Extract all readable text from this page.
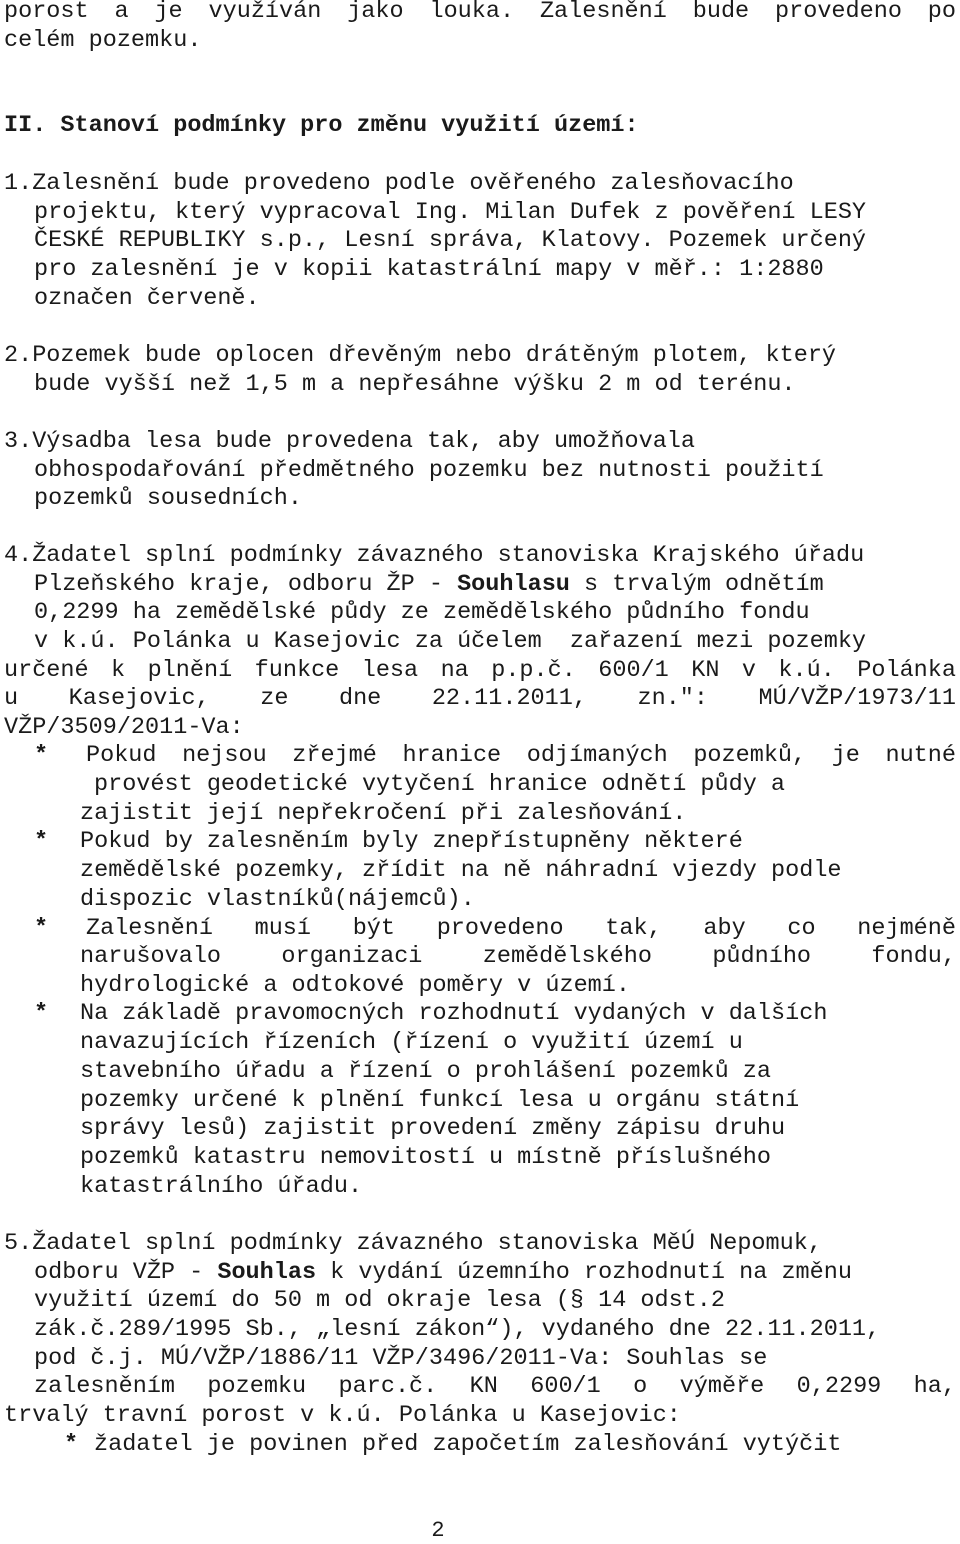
porost a je využíván jako louka. Zalesnění bude provedeno po
celém pozemku.
II. Stanoví podmínky pro změnu využití území:
1.Zalesnění bude provedeno podle ověřeného zalesňovacího
projektu, který vypracoval Ing. Milan Dufek z pověření LESY
ČESKÉ REPUBLIKY s.p., Lesní správa, Klatovy. Pozemek určený
pro zalesnění je v kopii katastrální mapy v měř.: 1:2880
označen červeně.
2.Pozemek bude oplocen dřevěným nebo drátěným plotem, který
bude vyšší než 1,5 m a nepřesáhne výšku 2 m od terénu.
3.Výsadba lesa bude provedena tak, aby umožňovala
obhospodařování předmětného pozemku bez nutnosti použití
pozemků sousedních.
4.Žadatel splní podmínky závazného stanoviska Krajského úřadu
Plzeňského kraje, odboru ŽP - Souhlasu s trvalým odnětím
0,2299 ha zemědělské půdy ze zemědělského půdního fondu
v k.ú. Polánka u Kasejovic za účelem  zařazení mezi pozemky
určené k plnění funkce lesa na p.p.č. 600/1 KN v k.ú. Polánka
u Kasejovic, ze dne 22.11.2011, zn.": MÚ/VŽP/1973/11
VŽP/3509/2011-Va:
* Pokud nejsou zřejmé hranice odjímaných pozemků, je nutné
provést geodetické vytyčení hranice odnětí půdy a
zajistit její nepřekročení při zalesňování.
* Pokud by zalesněním byly znepřístupněny některé
zemědělské pozemky, zřídit na ně náhradní vjezdy podle
dispozic vlastníků(nájemců).
* Zalesnění musí být provedeno tak, aby co nejméně
narušovalo organizaci zemědělského půdního fondu,
hydrologické a odtokové poměry v území.
* Na základě pravomocných rozhodnutí vydaných v dalších
navazujících řízeních (řízení o využití území u
stavebního úřadu a řízení o prohlášení pozemků za
pozemky určené k plnění funkcí lesa u orgánu státní
správy lesů) zajistit provedení změny zápisu druhu
pozemků katastru nemovitostí u místně příslušného
katastrálního úřadu.
5.Žadatel splní podmínky závazného stanoviska MěÚ Nepomuk,
odboru VŽP - Souhlas k vydání územního rozhodnutí na změnu
využití území do 50 m od okraje lesa (§ 14 odst.2
zák.č.289/1995 Sb., „lesní zákon“), vydaného dne 22.11.2011,
pod č.j. MÚ/VŽP/1886/11 VŽP/3496/2011-Va: Souhlas se
zalesněním pozemku parc.č. KN 600/1 o výměře 0,2299 ha,
trvalý travní porost v k.ú. Polánka u Kasejovic:
* žadatel je povinen před započetím zalesňování vytýčit
2
